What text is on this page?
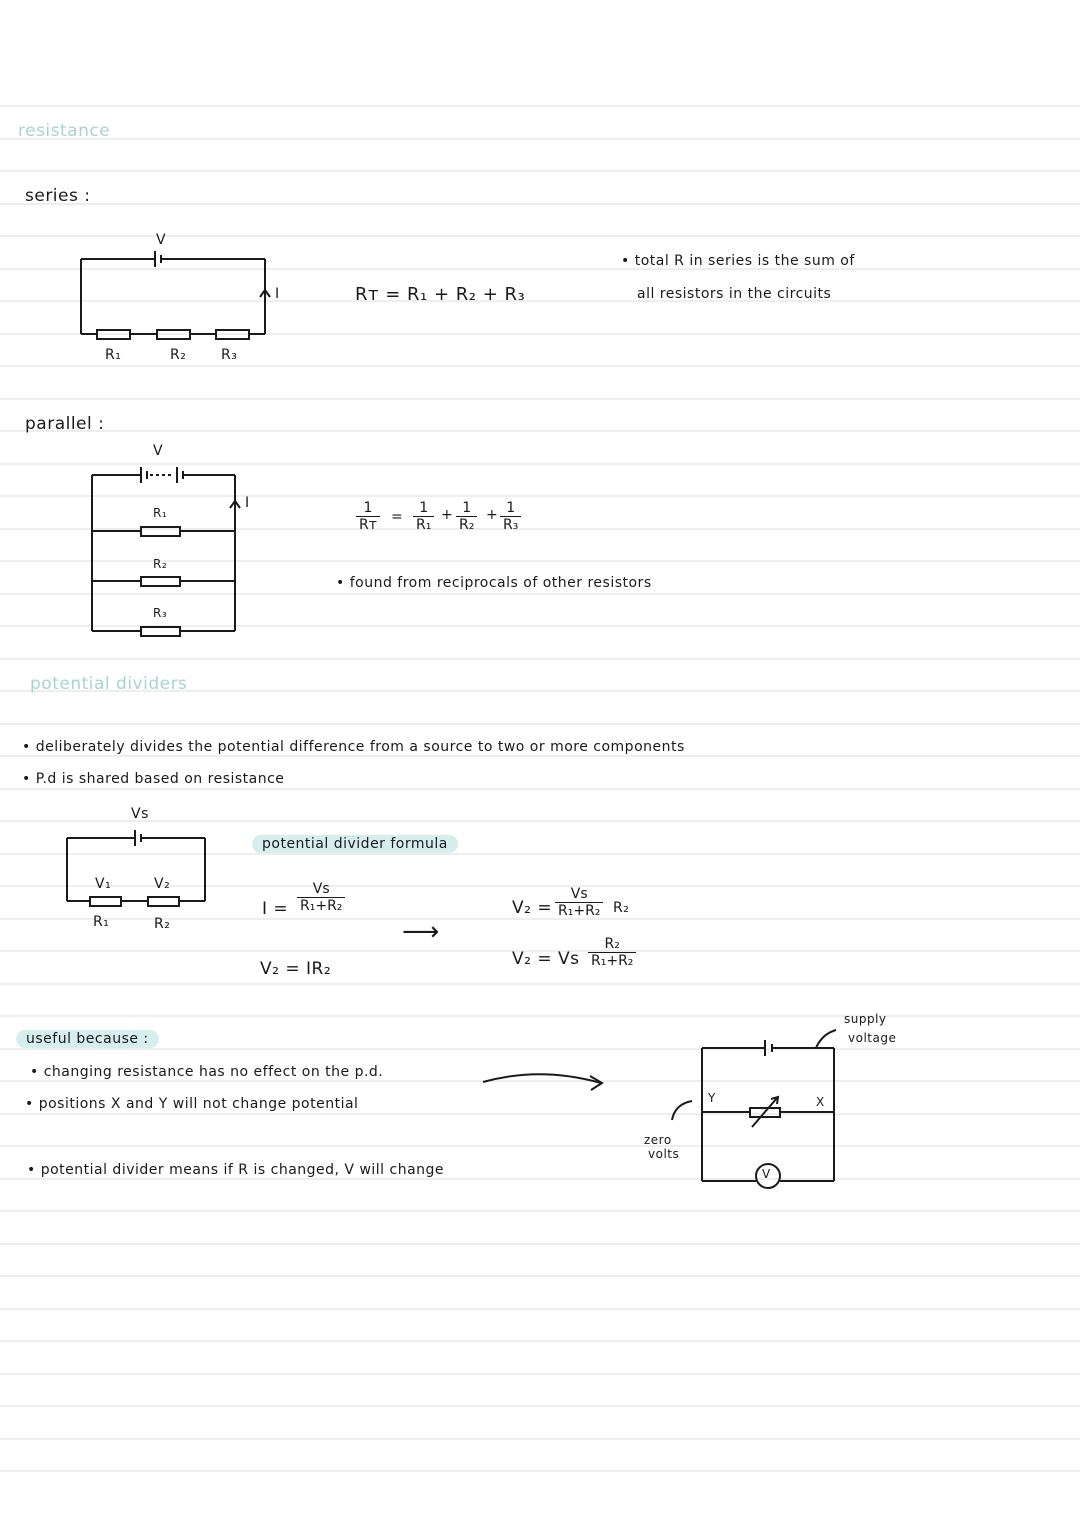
resistance
series :
V
I
R₁	R₂ R₃
Rᴛ = R₁ + R₂ + R₃
• total R in series is the sum of
all resistors in the circuits
parallel :
V
I
R₁
R₂
R₃
$\frac{1}{\text{Rᴛ}} = \frac{1}{\text{R₁}} + \frac{1}{\text{R₂}} + \frac{1}{\text{R₃}}$
• found from reciprocals of other resistors
potential dividers
• deliberately divides the potential difference from a source to two or more components
• P.d is shared based on resistance
Vs
V₁	V₂
R₁	R₂
potential divider formula
$I = \frac{Vs}{\text{R₁+R₂}}$
V₂ = IR₂
⟶
$V_2 = \frac{Vs}{\text{R₁+R₂}} R_2$
V₂ = Vs $\frac{\text{R₂}}{\text{R₁+R₂}}$
useful because :
• changing resistance has no effect on the p.d.
• positions X and Y will not change potential
• potential divider means if R is changed, V will change	V
Y	X
supply
voltage
zero
volts
